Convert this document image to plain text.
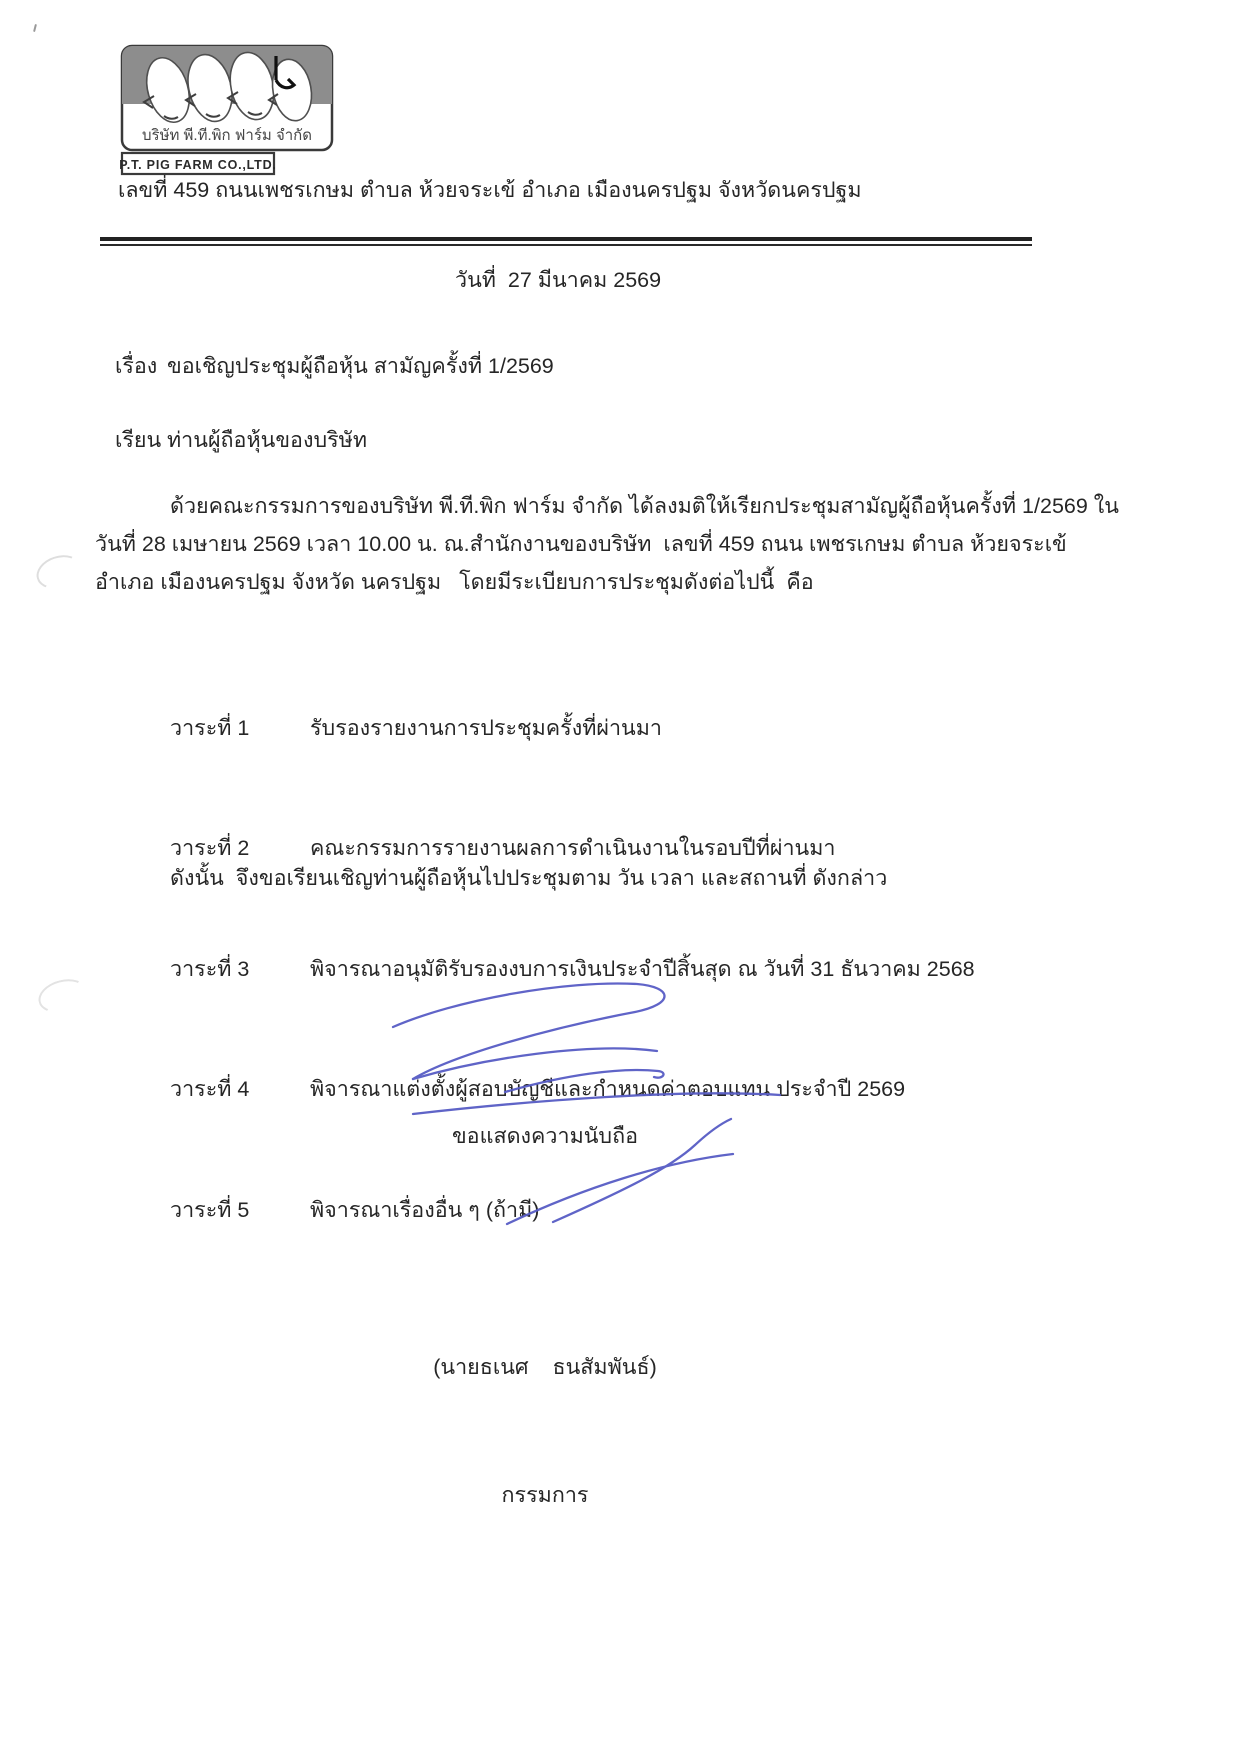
บริษัท พี.ที.พิก ฟาร์ม จำกัด
P.T. PIG FARM CO.,LTD.
เลขที่ 459 ถนนเพชรเกษม ตำบล ห้วยจระเข้ อำเภอ เมืองนครปฐม จังหวัดนครปฐม
วันที่  27 มีนาคม 2569
เรื่อง ขอเชิญประชุมผู้ถือหุ้น สามัญครั้งที่ 1/2569
เรียน ท่านผู้ถือหุ้นของบริษัท
ด้วยคณะกรรมการของบริษัท พี.ที.พิก ฟาร์ม จำกัด ได้ลงมติให้เรียกประชุมสามัญผู้ถือหุ้นครั้งที่ 1/2569 ในวันที่ 28 เมษายน 2569 เวลา 10.00 น. ณ.สำนักงานของบริษัท  เลขที่ 459 ถนน เพชรเกษม ตำบล ห้วยจระเข้ อำเภอ เมืองนครปฐม จังหวัด นครปฐม   โดยมีระเบียบการประชุมดังต่อไปนี้  คือ

วาระที่ 1	รับรองรายงานการประชุมครั้งที่ผ่านมา

วาระที่ 2	คณะกรรมการรายงานผลการดำเนินงานในรอบปีที่ผ่านมา

วาระที่ 3	พิจารณาอนุมัติรับรองงบการเงินประจำปีสิ้นสุด ณ วันที่ 31 ธันวาคม 2568

วาระที่ 4	พิจารณาแต่งตั้งผู้สอบบัญชีและกำหนดค่าตอบแทน ประจำปี 2569

วาระที่ 5	พิจารณาเรื่องอื่น ๆ (ถ้ามี)

ดังนั้น  จึงขอเรียนเชิญท่านผู้ถือหุ้นไปประชุมตาม วัน เวลา และสถานที่ ดังกล่าว

ขอแสดงความนับถือ

(นายธเนศ    ธนสัมพันธ์)

กรรมการ
